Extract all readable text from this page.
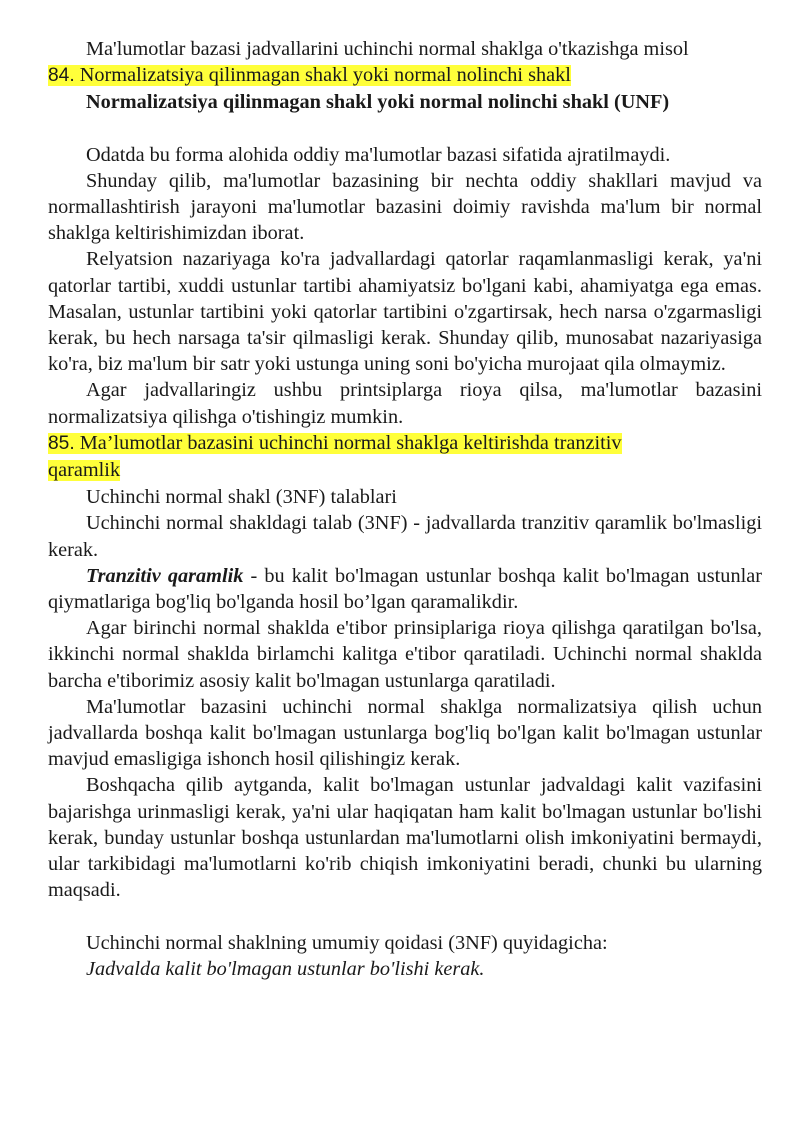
Ma'lumotlar bazasi jadvallarini uchinchi normal shaklga o'tkazishga misol

84. Normalizatsiya qilinmagan shakl yoki normal nolinchi shakl

Normalizatsiya qilinmagan shakl yoki normal nolinchi shakl (UNF)

Odatda bu forma alohida oddiy ma'lumotlar bazasi sifatida ajratilmaydi.

Shunday qilib, ma'lumotlar bazasining bir nechta oddiy shakllari mavjud va normallashtirish jarayoni ma'lumotlar bazasini doimiy ravishda ma'lum bir normal shaklga keltirishimizdan iborat.

Relyatsion nazariyaga ko'ra jadvallardagi qatorlar raqamlanmasligi kerak, ya'ni qatorlar tartibi, xuddi ustunlar tartibi ahamiyatsiz bo'lgani kabi, ahamiyatga ega emas. Masalan, ustunlar tartibini yoki qatorlar tartibini o'zgartirsak, hech narsa o'zgarmasligi kerak, bu hech narsaga ta'sir qilmasligi kerak. Shunday qilib, munosabat nazariyasiga ko'ra, biz ma'lum bir satr yoki ustunga uning soni bo'yicha murojaat qila olmaymiz.

Agar jadvallaringiz ushbu printsiplarga rioya qilsa, ma'lumotlar bazasini normalizatsiya qilishga o'tishingiz mumkin.

85. Ma’lumotlar bazasini uchinchi normal shaklga keltirishda tranzitiv
qaramlik

Uchinchi normal shakl (3NF) talablari

Uchinchi normal shakldagi talab (3NF) - jadvallarda tranzitiv qaramlik bo'lmasligi kerak.

Tranzitiv qaramlik - bu kalit bo'lmagan ustunlar boshqa kalit bo'lmagan ustunlar qiymatlariga bog'liq bo'lganda hosil bo’lgan qaramalikdir.

Agar birinchi normal shaklda e'tibor prinsiplariga rioya qilishga qaratilgan bo'lsa, ikkinchi normal shaklda birlamchi kalitga e'tibor qaratiladi. Uchinchi normal shaklda barcha e'tiborimiz asosiy kalit bo'lmagan ustunlarga qaratiladi.

Ma'lumotlar bazasini uchinchi normal shaklga normalizatsiya qilish uchun jadvallarda boshqa kalit bo'lmagan ustunlarga bog'liq bo'lgan kalit bo'lmagan ustunlar mavjud emasligiga ishonch hosil qilishingiz kerak.

Boshqacha qilib aytganda, kalit bo'lmagan ustunlar jadvaldagi kalit vazifasini bajarishga urinmasligi kerak, ya'ni ular haqiqatan ham kalit bo'lmagan ustunlar bo'lishi kerak, bunday ustunlar boshqa ustunlardan ma'lumotlarni olish imkoniyatini bermaydi, ular tarkibidagi ma'lumotlarni ko'rib chiqish imkoniyatini beradi, chunki bu ularning maqsadi.

Uchinchi normal shaklning umumiy qoidasi (3NF) quyidagicha:

Jadvalda kalit bo'lmagan ustunlar bo'lishi kerak.
